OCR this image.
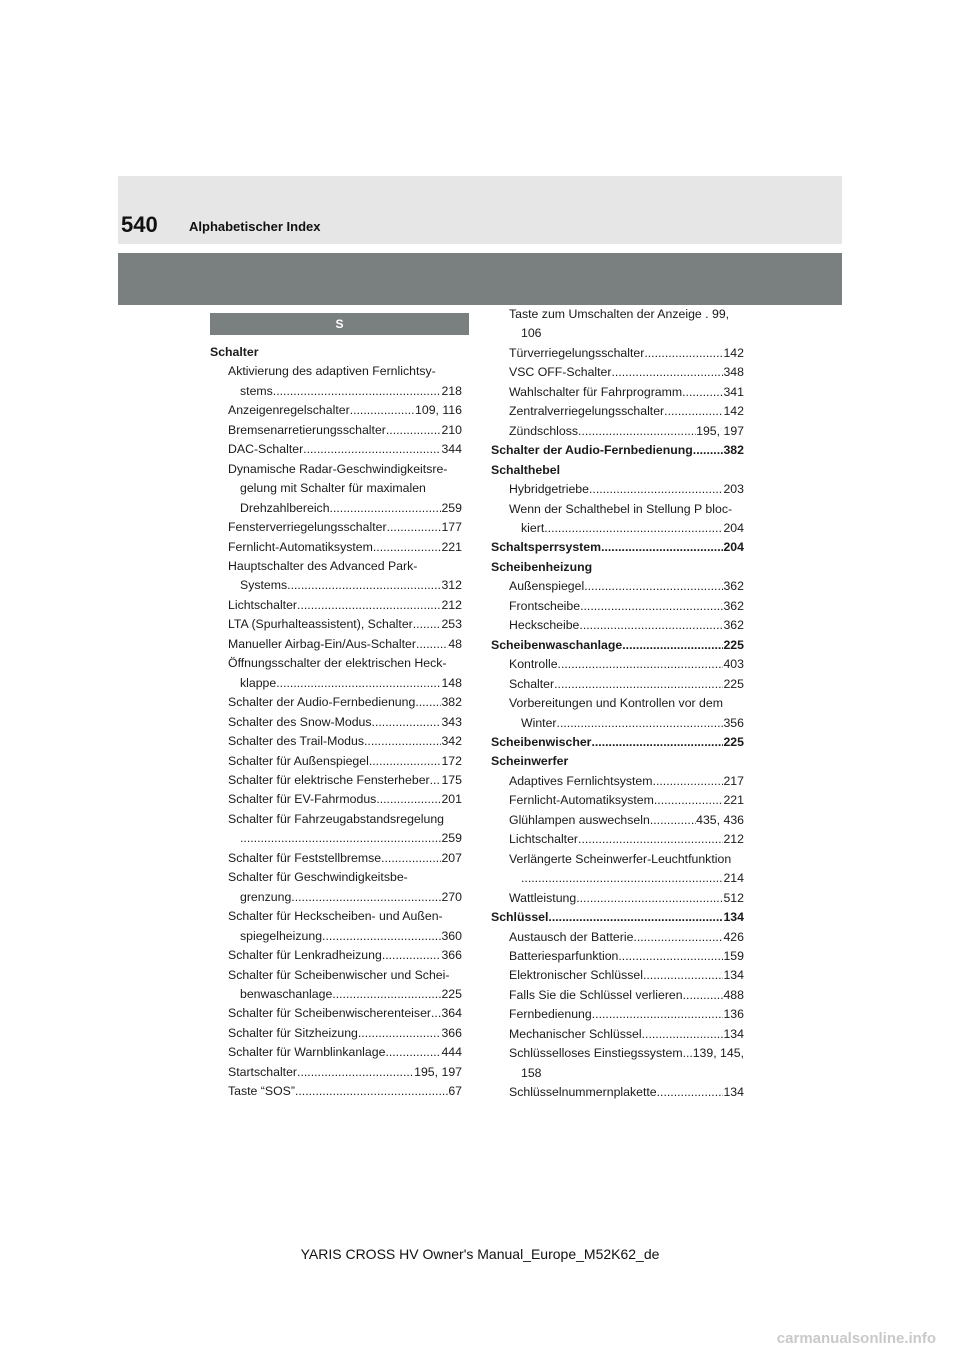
540 Alphabetischer Index
S
Schalter
Aktivierung des adaptiven Fernlichtsy-
stems .....	218
Anzeigenregelschalter .....	109, 116
Bremsenarretierungsschalter .....	210
DAC-Schalter .....	344
Dynamische Radar-Geschwindigkeitsre-
gelung mit Schalter für maximalen
Drehzahlbereich .....	259
Fensterverriegelungsschalter .....	177
Fernlicht-Automatiksystem .....	221
Hauptschalter des Advanced Park-
Systems .....	312
Lichtschalter .....	212
LTA (Spurhalteassistent), Schalter ..... 253
Manueller Airbag-Ein/Aus-Schalter .....	48
Öffnungsschalter der elektrischen Heck-
klappe .....	148
Schalter der Audio-Fernbedienung ..... 382
Schalter des Snow-Modus .....	343
Schalter des Trail-Modus .....	342
Schalter für Außenspiegel .....	172
Schalter für elektrische Fensterheber ..... 175
Schalter für EV-Fahrmodus .....	201
Schalter für Fahrzeugabstandsregelung
.....
259
Schalter für Feststellbremse .....	207
Schalter für Geschwindigkeitsbe-
grenzung .....	270
Schalter für Heckscheiben- und Außen-
spiegelheizung .....	360
Schalter für Lenkradheizung .....	366
Schalter für Scheibenwischer und Schei-
benwaschanlage .....	225
Schalter für Scheibenwischerenteiser ..... 364
Schalter für Sitzheizung .....	366
Schalter für Warnblinkanlage .....	444
Startschalter .....	195, 197
Taste “SOS” .....	67
Taste zum Umschalten der Anzeige . 99,
106
Türverriegelungsschalter .....	142
VSC OFF-Schalter .....	348
Wahlschalter für Fahrprogramm .....	341
Zentralverriegelungsschalter .....	142
Zündschloss .....	195, 197
Schalter der Audio-Fernbedienung ..... 382
Schalthebel
Hybridgetriebe .....	203
Wenn der Schalthebel in Stellung P bloc-
kiert .....	204
Schaltsperrsystem .....	204
Scheibenheizung
Außenspiegel .....	362
Frontscheibe .....	362
Heckscheibe .....	362
Scheibenwaschanlage .....	225
Kontrolle .....	403
Schalter .....	225
Vorbereitungen und Kontrollen vor dem
Winter .....	356
Scheibenwischer .....	225
Scheinwerfer
Adaptives Fernlichtsystem .....	217
Fernlicht-Automatiksystem .....	221
Glühlampen auswechseln .....	435, 436
Lichtschalter .....	212
Verlängerte Scheinwerfer-Leuchtfunktion
.....
214
Wattleistung .....	512
Schlüssel .....	134
Austausch der Batterie .....	426
Batteriesparfunktion .....	159
Elektronischer Schlüssel .....	134
Falls Sie die Schlüssel verlieren .....	488
Fernbedienung .....	136
Mechanischer Schlüssel .....	134
Schlüsselloses Einstiegssystem ..... 139, 145,
158
Schlüsselnummernplakette .....	134
YARIS CROSS HV Owner's Manual_Europe_M52K62_de
carmanualsonline.info
